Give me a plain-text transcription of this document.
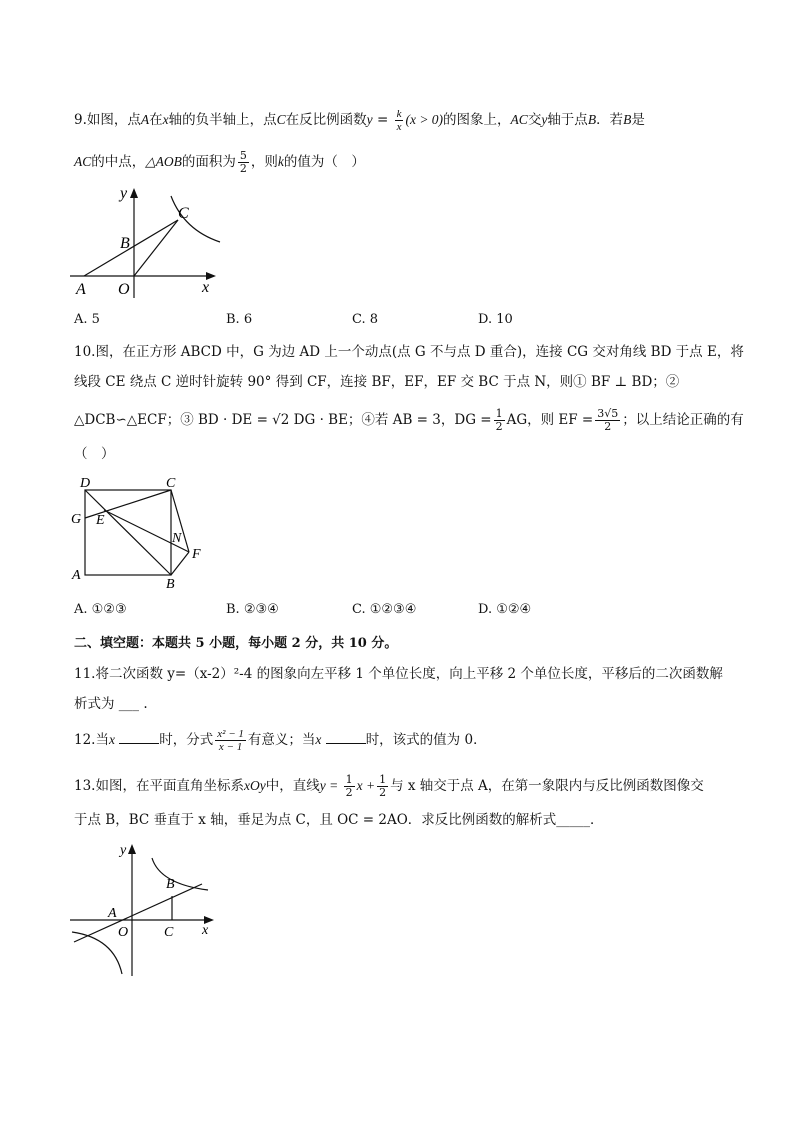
9.如图，点A在x轴的负半轴上，点C在反比例函数$y = \frac{k}{x} (x > 0)$的图象上，AC交y轴于点B．若B是
AC的中点，△AOB的面积为 $\frac{5}{2}$ ，则k的值为（　）
y
C
B
A O	x
A. 5	B. 6	C. 8	D. 10
10.图，在正方形 ABCD 中，G 为边 AD 上一个动点(点 G 不与点 D 重合)，连接 CG 交对角线 BD 于点 E，将
线段 CE 绕点 C 逆时针旋转 90° 得到 CF，连接 BF，EF，EF 交 BC 于点 N，则① BF ⊥ BD；②
△DCB∽△ECF；③ BD · DE = √2 DG · BE；④若 AB = 3，DG = $\frac{1}{2}$ AG，则 EF = $\frac{3√5}{2}$ ；以上结论正确的有
（　）
D	C
G E
N
F
A
B
A. ①②③	B. ②③④	C. ①②③④	D. ①②④
二、填空题：本题共 5 小题，每小题 2 分，共 10 分。
11.将二次函数 y=（x-2）²-4 的图象向左平移 1 个单位长度，向上平移 2 个单位长度，平移后的二次函数解
析式为 ___ .
12.当x	时，分式 $\frac{\text{x² − 1}}{x - 1}$ 有意义；当x	时，该式的值为 0．
13.如图，在平面直角坐标系xOy中，直线$y = \frac{1}{2}$ $x + \frac{1}{2}$ 与 x 轴交于点 A，在第一象限内与反比例函数图像交
于点 B，BC 垂直于 x 轴，垂足为点 C，且 OC = 2AO．求反比例函数的解析式_____．
y
B
A
O	C x
